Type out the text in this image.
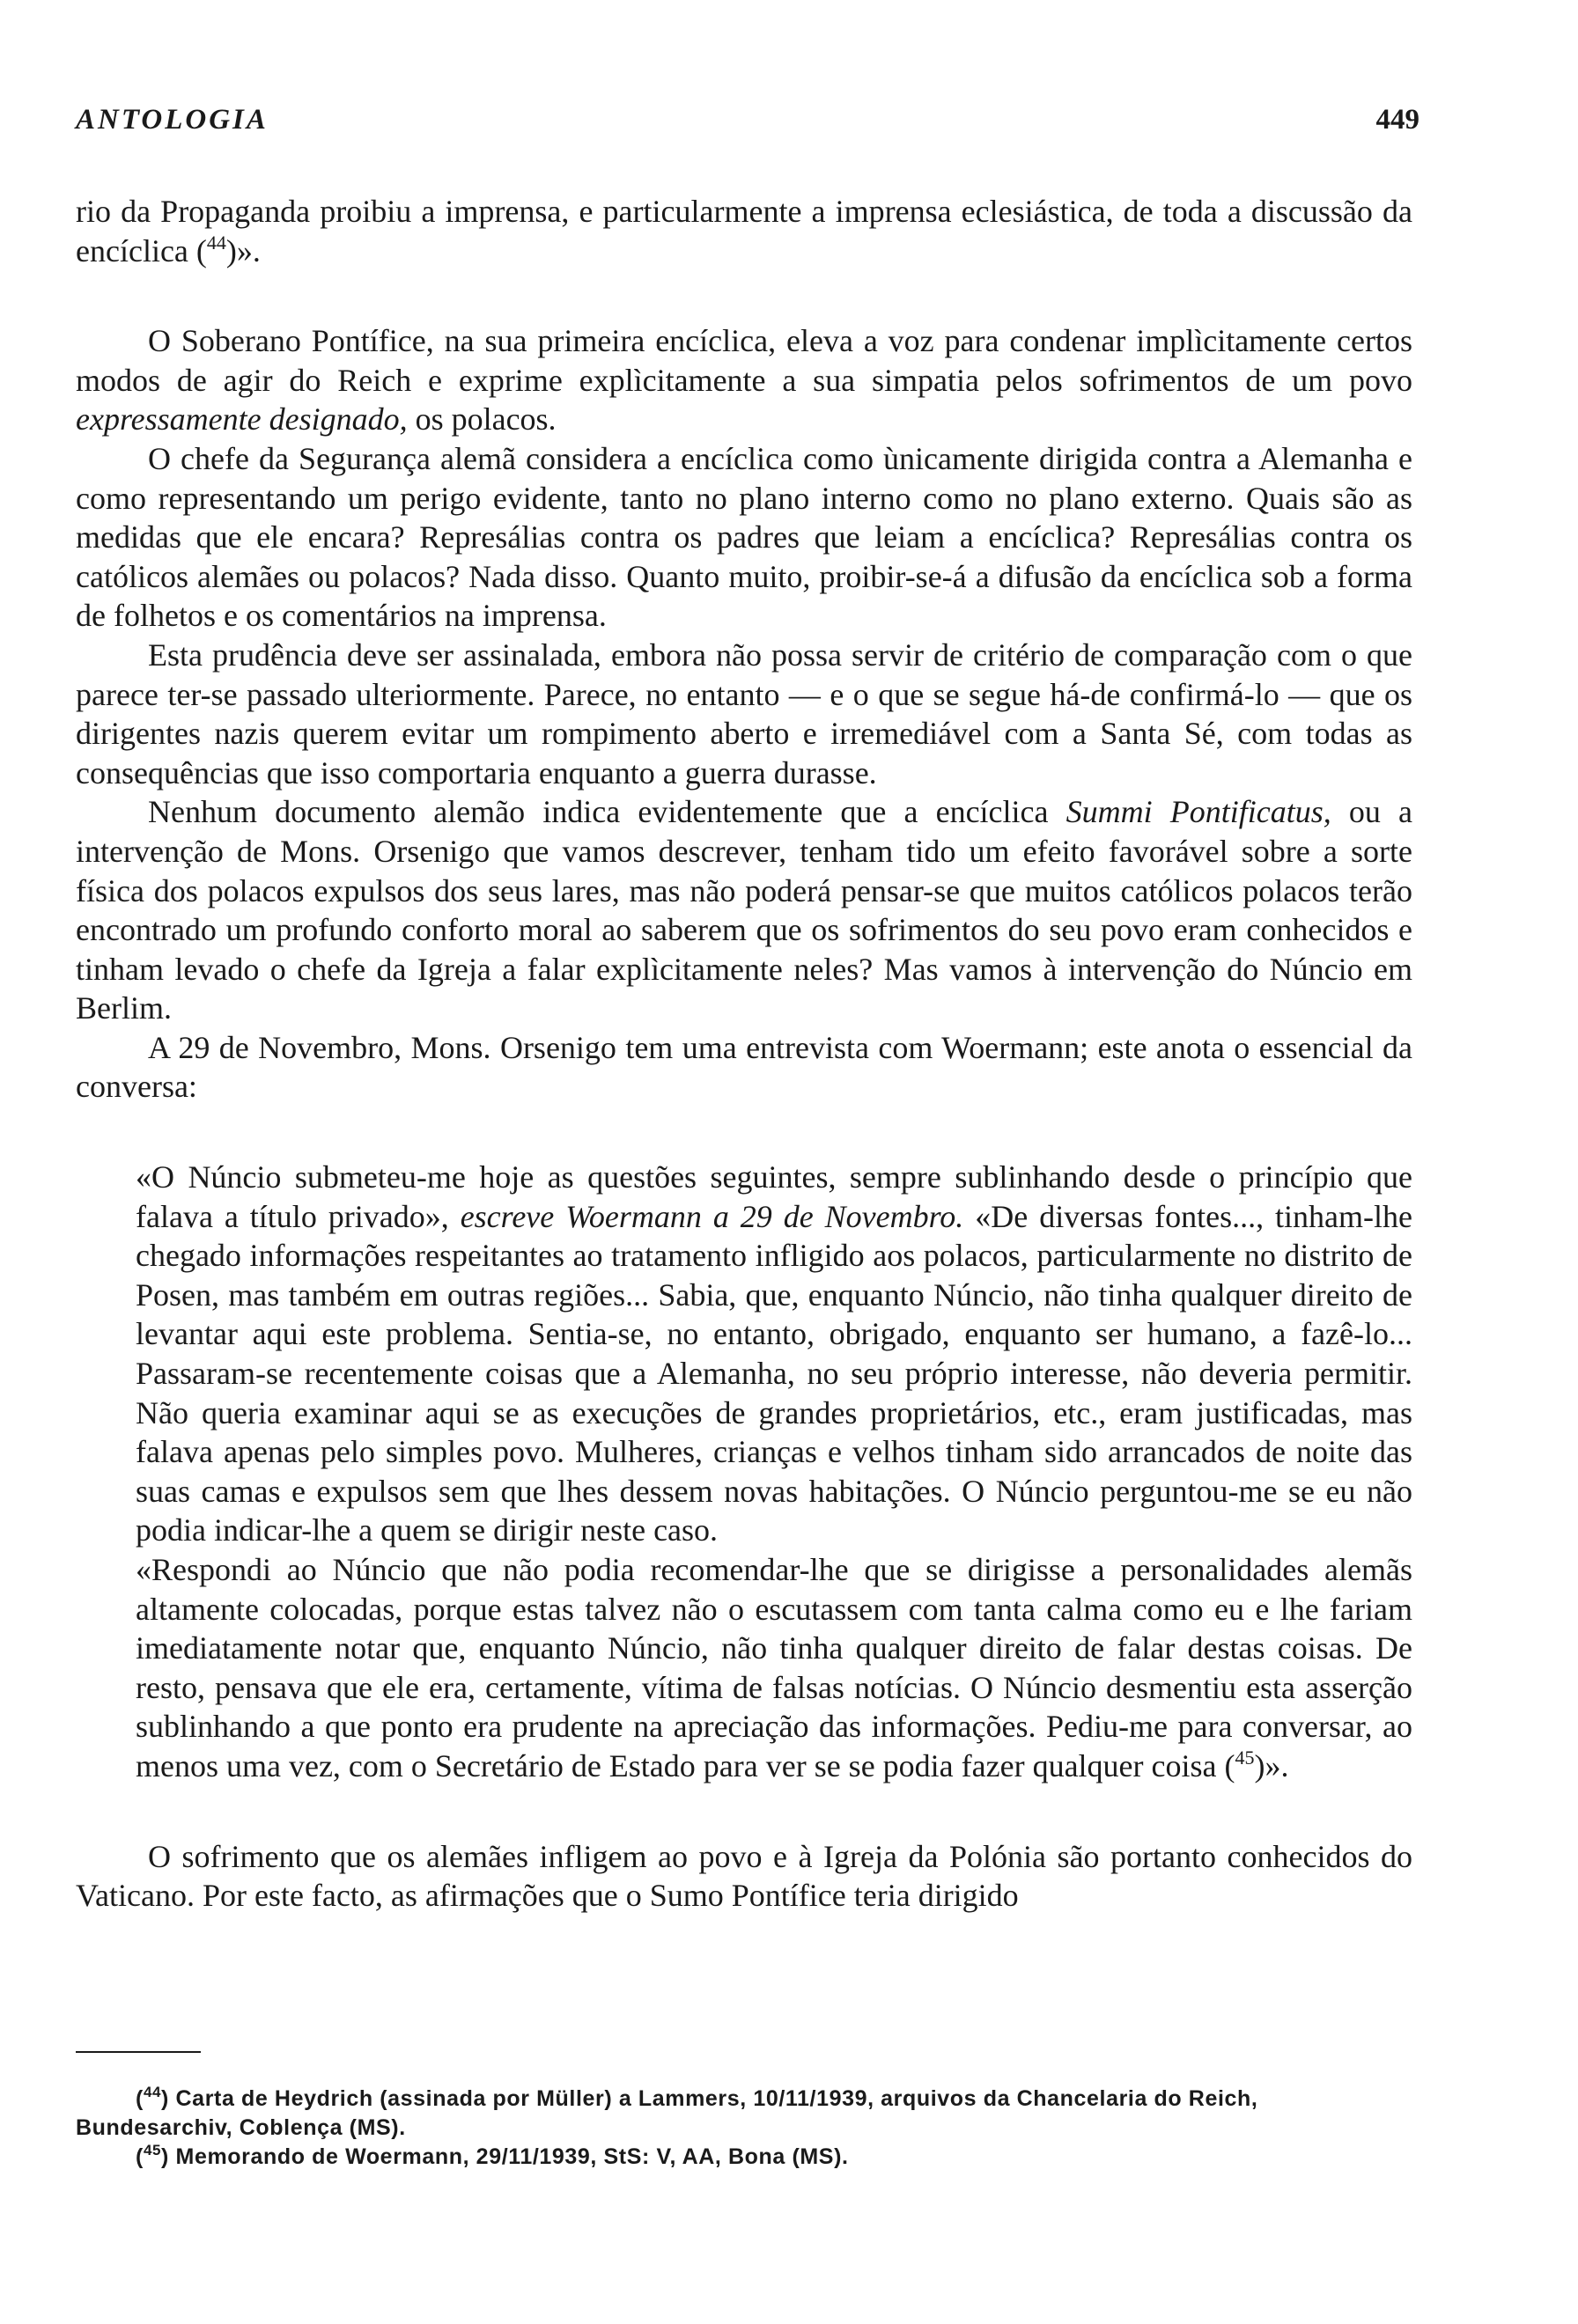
ANTOLOGIA	449

rio da Propaganda proibiu a imprensa, e particularmente a imprensa eclesiástica, de toda a discussão da encíclica ($^{44}$)».

O Soberano Pontífice, na sua primeira encíclica, eleva a voz para condenar implìcitamente certos modos de agir do Reich e exprime explìcitamente a sua simpatia pelos sofrimentos de um povo expressamente designado, os polacos.

O chefe da Segurança alemã considera a encíclica como ùnicamente dirigida contra a Alemanha e como representando um perigo evidente, tanto no plano interno como no plano externo. Quais são as medidas que ele encara? Represálias contra os padres que leiam a encíclica? Represálias contra os católicos alemães ou polacos? Nada disso. Quanto muito, proibir-se-á a difusão da encíclica sob a forma de folhetos e os comentários na imprensa.

Esta prudência deve ser assinalada, embora não possa servir de critério de comparação com o que parece ter-se passado ulteriormente. Parece, no entanto — e o que se segue há-de confirmá-lo — que os dirigentes nazis querem evitar um rompimento aberto e irremediável com a Santa Sé, com todas as consequências que isso comportaria enquanto a guerra durasse.

Nenhum documento alemão indica evidentemente que a encíclica Summi Pontificatus, ou a intervenção de Mons. Orsenigo que vamos descrever, tenham tido um efeito favorável sobre a sorte física dos polacos expulsos dos seus lares, mas não poderá pensar-se que muitos católicos polacos terão encontrado um profundo conforto moral ao saberem que os sofrimentos do seu povo eram conhecidos e tinham levado o chefe da Igreja a falar explìcitamente neles? Mas vamos à intervenção do Núncio em Berlim.

A 29 de Novembro, Mons. Orsenigo tem uma entrevista com Woermann; este anota o essencial da conversa:

«O Núncio submeteu-me hoje as questões seguintes, sempre sublinhando desde o princípio que falava a título privado», escreve Woermann a 29 de Novembro. «De diversas fontes..., tinham-lhe chegado informações respeitantes ao tratamento infligido aos polacos, particularmente no distrito de Posen, mas também em outras regiões... Sabia, que, enquanto Núncio, não tinha qualquer direito de levantar aqui este problema. Sentia-se, no entanto, obrigado, enquanto ser humano, a fazê-lo... Passaram-se recentemente coisas que a Alemanha, no seu próprio interesse, não deveria permitir. Não queria examinar aqui se as execuções de grandes proprietários, etc., eram justificadas, mas falava apenas pelo simples povo. Mulheres, crianças e velhos tinham sido arrancados de noite das suas camas e expulsos sem que lhes dessem novas habitações. O Núncio perguntou-me se eu não podia indicar-lhe a quem se dirigir neste caso.

«Respondi ao Núncio que não podia recomendar-lhe que se dirigisse a personalidades alemãs altamente colocadas, porque estas talvez não o escutassem com tanta calma como eu e lhe fariam imediatamente notar que, enquanto Núncio, não tinha qualquer direito de falar destas coisas. De resto, pensava que ele era, certamente, vítima de falsas notícias. O Núncio desmentiu esta asserção sublinhando a que ponto era prudente na apreciação das informações. Pediu-me para conversar, ao menos uma vez, com o Secretário de Estado para ver se se podia fazer qualquer coisa ($^{45}$)».

O sofrimento que os alemães infligem ao povo e à Igreja da Polónia são portanto conhecidos do Vaticano. Por este facto, as afirmações que o Sumo Pontífice teria dirigido

($^{44}$) Carta de Heydrich (assinada por Müller) a Lammers, 10/11/1939, arquivos da Chancelaria do Reich, Bundesarchiv, Coblença (MS).

($^{45}$) Memorando de Woermann, 29/11/1939, StS: V, AA, Bona (MS).
